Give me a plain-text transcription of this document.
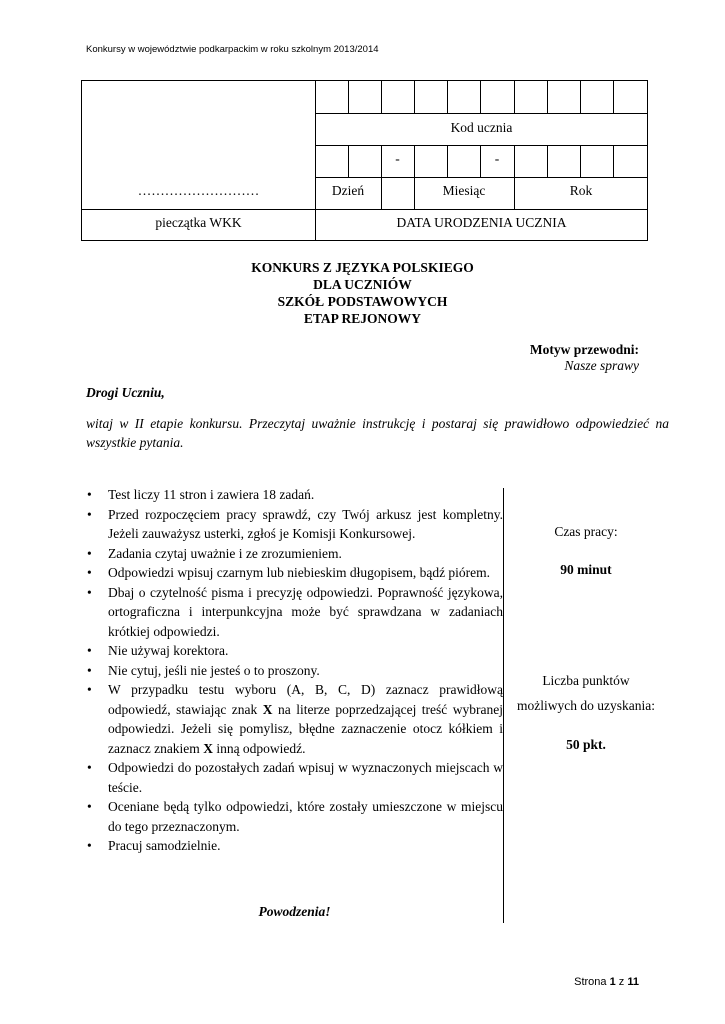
Konkursy w województwie podkarpackim w roku szkolnym 2013/2014
Kod ucznia
-	-
………………………	Dzień	Miesiąc	Rok
pieczątka WKK	DATA URODZENIA UCZNIA
KONKURS Z JĘZYKA POLSKIEGO
DLA UCZNIÓW
SZKÓŁ PODSTAWOWYCH
ETAP REJONOWY
Motyw przewodni:
Nasze sprawy
Drogi Uczniu,
witaj w II etapie konkursu. Przeczytaj uważnie instrukcję i postaraj się prawidłowo odpowiedzieć na wszystkie pytania.
• Test liczy 11 stron i zawiera 18 zadań.
• Przed rozpoczęciem pracy sprawdź, czy Twój arkusz jest kompletny. Jeżeli zauważysz usterki, zgłoś je Komisji Konkursowej.
• Zadania czytaj uważnie i ze zrozumieniem.
• Odpowiedzi wpisuj czarnym lub niebieskim długopisem, bądź piórem.
• Dbaj o czytelność pisma i precyzję odpowiedzi. Poprawność językowa, ortograficzna i interpunkcyjna może być sprawdzana w zadaniach krótkiej odpowiedzi.
• Nie używaj korektora.
• Nie cytuj, jeśli nie jesteś o to proszony.
• W przypadku testu wyboru (A, B, C, D) zaznacz prawidłową odpowiedź, stawiając znak X na literze poprzedzającej treść wybranej odpowiedzi. Jeżeli się pomylisz, błędne zaznaczenie otocz kółkiem i zaznacz znakiem X inną odpowiedź.
• Odpowiedzi do pozostałych zadań wpisuj w wyznaczonych miejscach w teście.
• Oceniane będą tylko odpowiedzi, które zostały umieszczone w miejscu do tego przeznaczonym.
• Pracuj samodzielnie.
Powodzenia!
Czas pracy:
90 minut
Liczba punktów
możliwych do uzyskania:
50 pkt.
Strona 1 z 11
